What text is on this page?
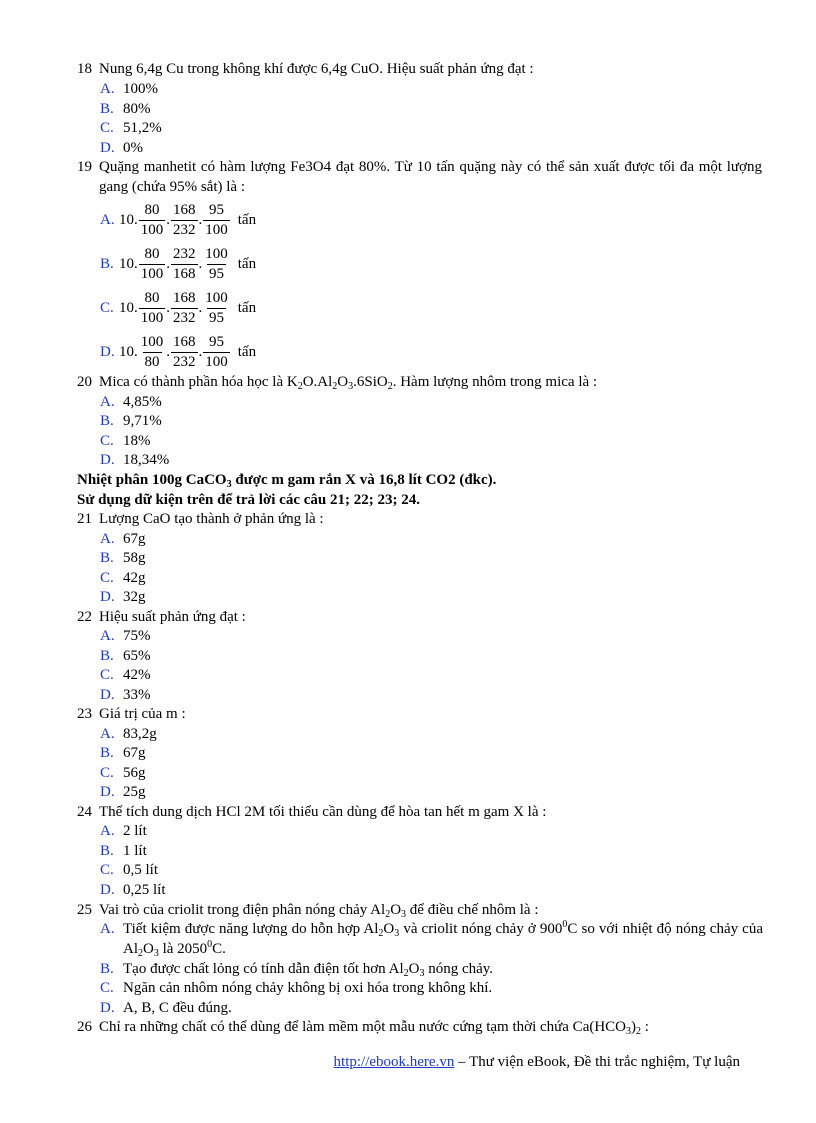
18 Nung 6,4g Cu trong không khí được 6,4g CuO. Hiệu suất phản ứng đạt :
A. 100%
B. 80%
C. 51,2%
D. 0%
19 Quặng manhetit có hàm lượng Fe3O4 đạt 80%. Từ 10 tấn quặng này có thể sản xuất được tối đa một lượng gang (chứa 95% sắt) là :
A. 10. $\frac{80}{100}$ . $\frac{168}{232}$ . $\frac{95}{100}$ tấn
B. 10. $\frac{80}{100}$ . $\frac{232}{168}$ . $\frac{100}{95}$ tấn
C. 10. $\frac{80}{100}$ . $\frac{168}{232}$ . $\frac{100}{95}$ tấn
D. 10. $\frac{100}{80}$ . $\frac{168}{232}$ . $\frac{95}{100}$ tấn
20 Mica có thành phần hóa học là $K_2O.Al_2O_3.6SiO_2$. Hàm lượng nhôm trong mica là :
A. 4,85%
B. 9,71%
C. 18%
D. 18,34%
Nhiệt phân 100g CaCO$_3$ được m gam rắn X và 16,8 lít CO2 (đkc).
Sử dụng dữ kiện trên để trả lời các câu 21; 22; 23; 24.
21 Lượng CaO tạo thành ở phản ứng là :
A. 67g
B. 58g
C. 42g
D. 32g
22 Hiệu suất phản ứng đạt :
A. 75%
B. 65%
C. 42%
D. 33%
23 Giá trị của m :
A. 83,2g
B. 67g
C. 56g
D. 25g
24 Thể tích dung dịch HCl 2M tối thiểu cần dùng để hòa tan hết m gam X là :
A. 2 lít
B. 1 lít
C. 0,5 lít
D. 0,25 lít
25 Vai trò của criolit trong điện phân nóng chảy $Al_2O_3$ để điều chế nhôm là :
A. Tiết kiệm được năng lượng do hỗn hợp $Al_2O_3$ và criolit nóng chảy ở $900^0C$ so với nhiệt độ nóng chảy của $Al_2O_3$ là 2050$^0$C.
B. Tạo được chất lỏng có tính dẫn điện tốt hơn $Al_2O_3$ nóng chảy.
C. Ngăn cản nhôm nóng chảy không bị oxi hóa trong không khí.
D. A, B, C đều đúng.
26 Chỉ ra những chất có thể dùng để làm mềm một mẫu nước cứng tạm thời chứa $Ca(HCO_3)_2$ :
http://ebook.here.vn – Thư viện eBook, Đề thi trắc nghiệm, Tự luận
